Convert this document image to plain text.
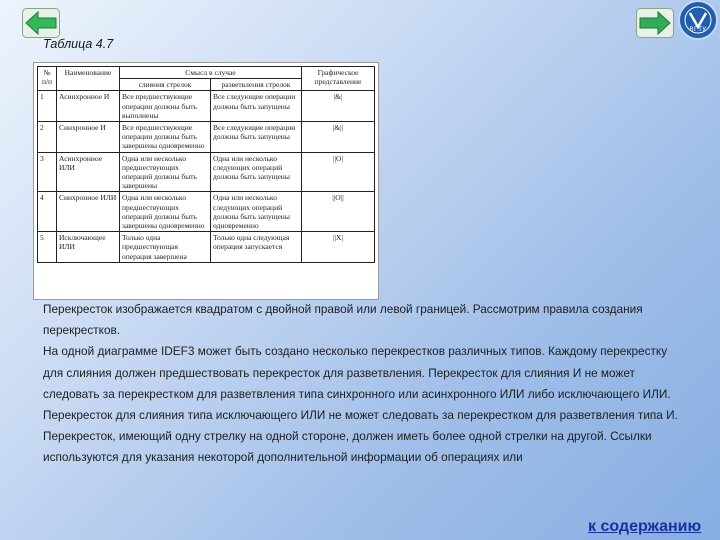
ВГТУ
Таблица 4.7
№ п/п	Наименование	Смысл в случае		Графическое представление
		слияния стрелок	разветвления стрелок	
1	Асинхронное И	Все предшествующие операции должны быть выполнены	Все следующие операции должны быть запущены	|&|
2	Синхронное И	Все предшествующие операции должны быть завершены одновременно	Все следующие операции должны быть запущены	|&||
3	Асинхронное ИЛИ	Одна или несколько предшествующих операций должны быть завершены	Одна или несколько следующих операций должны быть запущены	||O|
4	Синхронное ИЛИ	Одна или несколько предшествующих операций должны быть завершены одновременно	Одна или несколько следующих операций должны быть запущены одновременно	||O||
5	Исключающее ИЛИ	Только одна предшествующая операция завершена	Только одна следующая операция запускается	||X|

Перекресток изображается квадратом с двойной правой или левой границей. Рассмотрим правила создания перекрестков.

На одной диаграмме IDEF3 может быть создано несколько перекрестков различных типов. Каждому перекрестку для слияния должен предшествовать перекресток для разветвления. Перекресток для слияния И не может следовать за перекрестком для разветвления типа синхронного или асинхронного ИЛИ либо исключающего ИЛИ.

Перекресток для слияния типа исключающего ИЛИ не может следовать за перекрестком для разветвления типа И.

Перекресток, имеющий одну стрелку на одной стороне, должен иметь более одной стрелки на другой. Ссылки используются для указания некоторой дополнительной информации об операциях или

к содержанию
